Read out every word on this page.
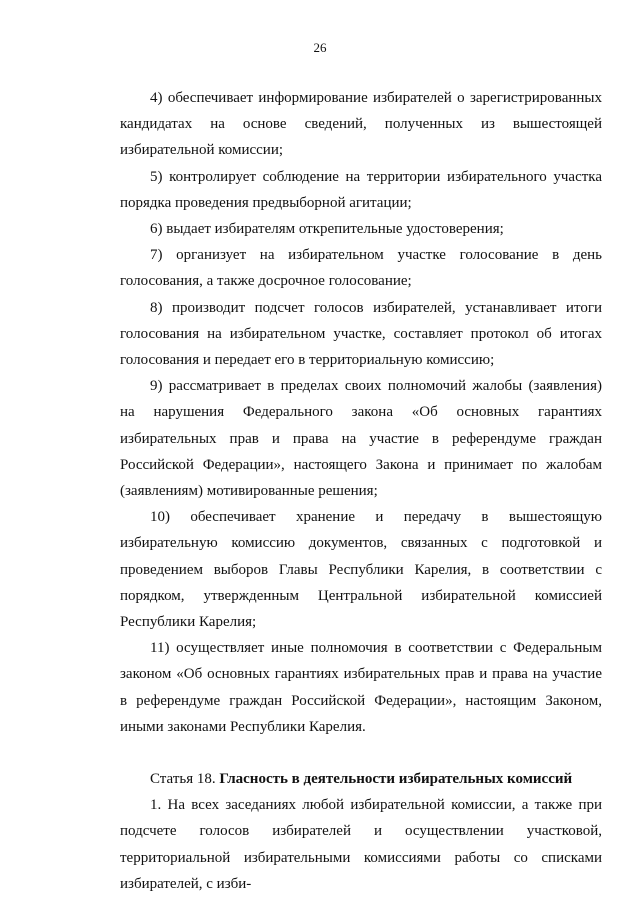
26

4) обеспечивает информирование избирателей о зарегистрированных кандидатах на основе сведений, полученных из вышестоящей избирательной комиссии;

5) контролирует соблюдение на территории избирательного участка порядка проведения предвыборной агитации;

6) выдает избирателям открепительные удостоверения;

7) организует на избирательном участке голосование в день голосования, а также досрочное голосование;

8) производит подсчет голосов избирателей, устанавливает итоги голосования на избирательном участке, составляет протокол об итогах голосования и передает его в территориальную комиссию;

9) рассматривает в пределах своих полномочий жалобы (заявления) на нарушения Федерального закона «Об основных гарантиях избирательных прав и права на участие в референдуме граждан Российской Федерации», настоящего Закона и принимает по жалобам (заявлениям) мотивированные решения;

10) обеспечивает хранение и передачу в вышестоящую избирательную комиссию документов, связанных с подготовкой и проведением выборов Главы Республики Карелия, в соответствии с порядком, утвержденным Центральной избирательной комиссией Республики Карелия;

11) осуществляет иные полномочия в соответствии с Федеральным законом «Об основных гарантиях избирательных прав и права на участие в референдуме граждан Российской Федерации», настоящим Законом, иными законами Республики Карелия.

Статья 18. Гласность в деятельности избирательных комиссий

1. На всех заседаниях любой избирательной комиссии, а также при подсчете голосов избирателей и осуществлении участковой, территориальной избирательными комиссиями работы со списками избирателей, с изби-
